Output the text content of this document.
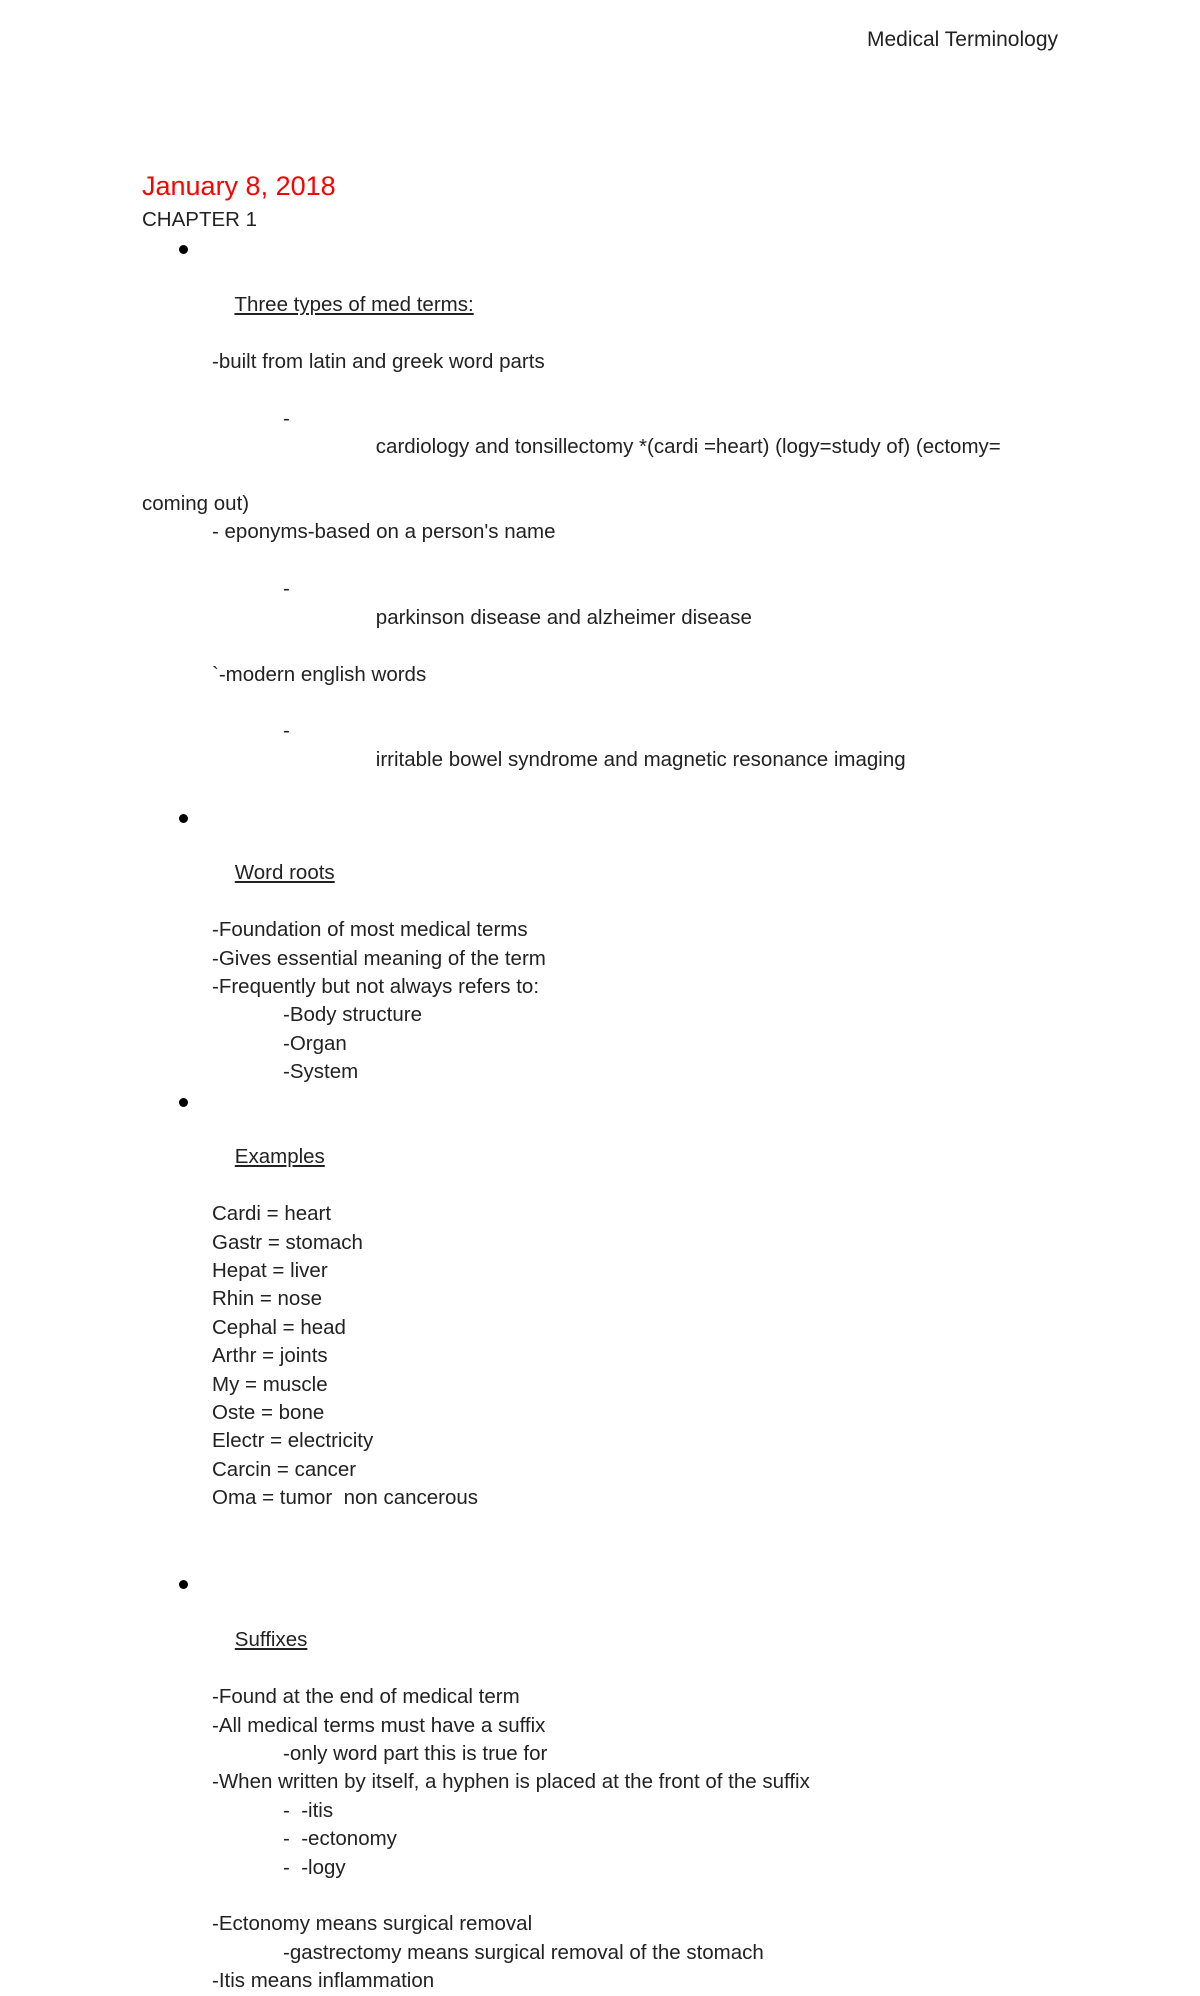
Medical Terminology
January 8, 2018
CHAPTER 1

Three types of med terms:

-built from latin and greek word parts

-

cardiology and tonsillectomy *(cardi =heart) (logy=study of) (ectomy=

coming out)
- eponyms-based on a person's name

-

parkinson disease and alzheimer disease

`-modern english words

-

irritable bowel syndrome and magnetic resonance imaging

Word roots

-Foundation of most medical terms
-Gives essential meaning of the term
-Frequently but not always refers to:
-Body structure
-Organ
-System

Examples

Cardi = heart
Gastr = stomach
Hepat = liver
Rhin = nose
Cephal = head
Arthr = joints
My = muscle
Oste = bone
Electr = electricity
Carcin = cancer
Oma = tumor  non cancerous

Suffixes

-Found at the end of medical term
-All medical terms must have a suffix
-only word part this is true for
-When written by itself, a hyphen is placed at the front of the suffix
-  -itis
-  -ectonomy
-  -logy
-Ectonomy means surgical removal
-gastrectomy means surgical removal of the stomach
-Itis means inflammation
